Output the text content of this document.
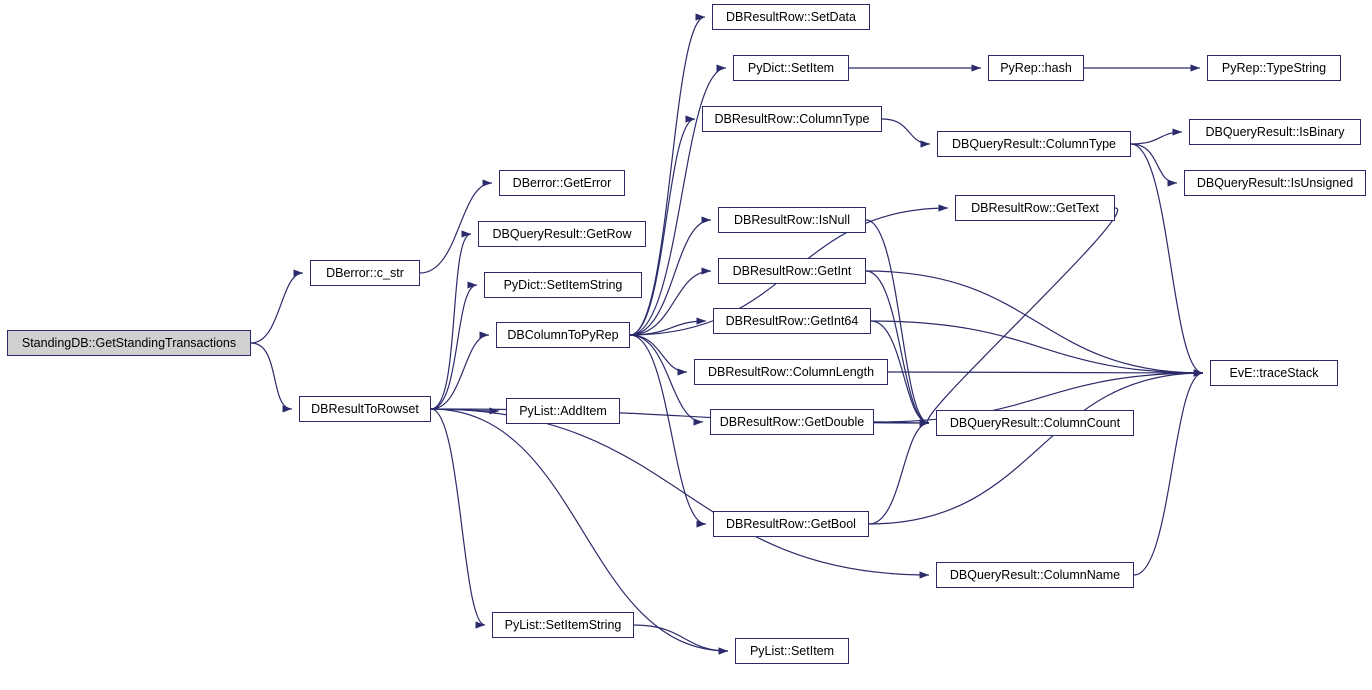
StandingDB::GetStandingTransactions
DBerror::c_str
DBerror::GetError
DBQueryResult::GetRow
PyDict::SetItemString
DBColumnToPyRep
DBResultToRowset	PyList::AddItem
PyList::SetItemString
PyList::SetItem
DBResultRow::SetData
PyDict::SetItem
DBResultRow::ColumnType
DBResultRow::IsNull
DBResultRow::GetInt
DBResultRow::GetInt64
DBResultRow::ColumnLength
DBResultRow::GetDouble
DBResultRow::GetBool
DBResultRow::GetText
DBQueryResult::ColumnType
DBQueryResult::ColumnCount
DBQueryResult::ColumnName
PyRep::hash
DBQueryResult::IsBinary
DBQueryResult::IsUnsigned
PyRep::TypeString
EvE::traceStack
